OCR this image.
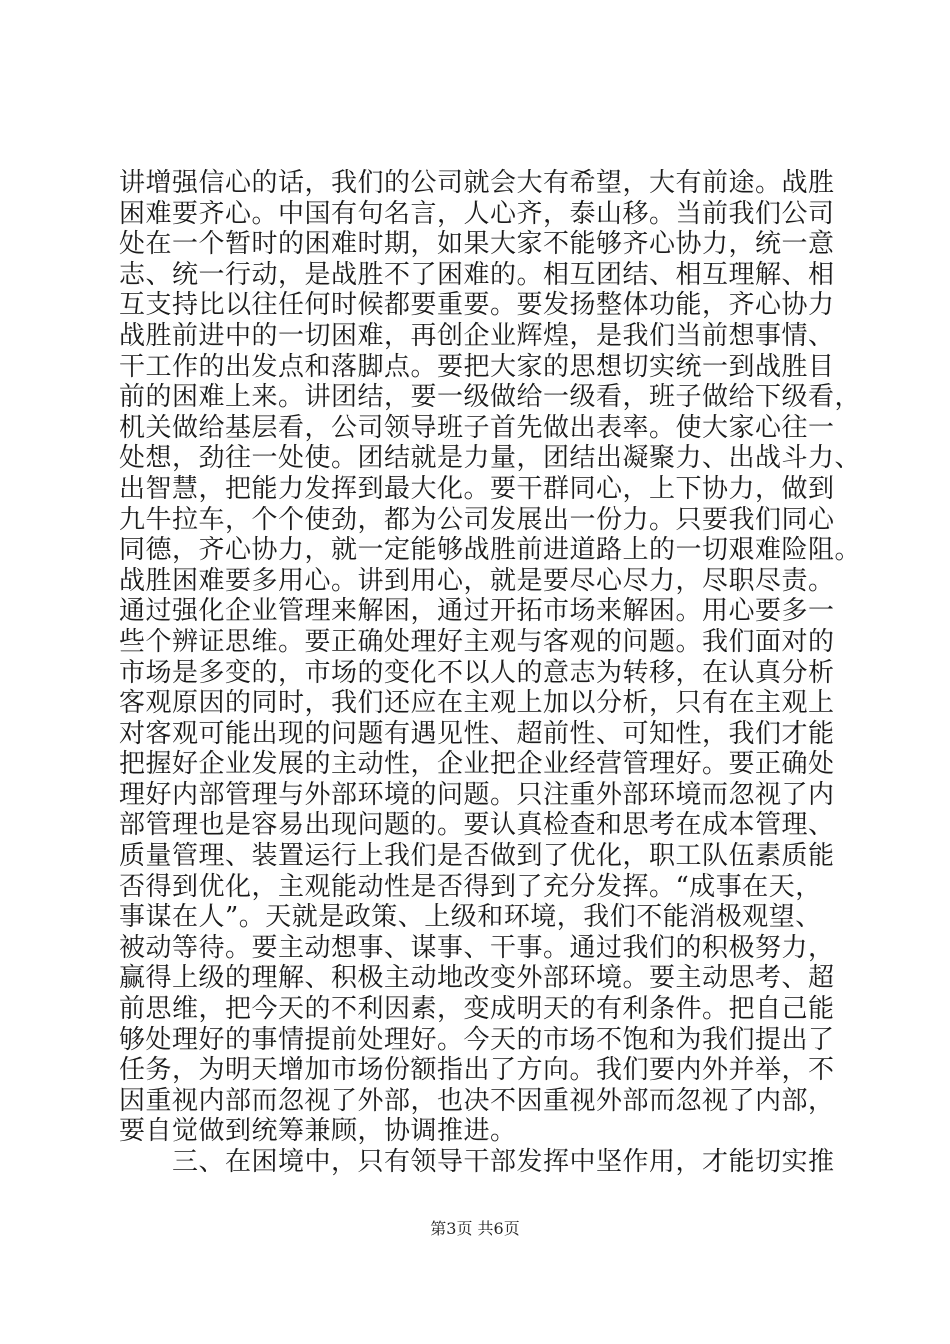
讲增强信心的话，我们的公司就会大有希望，大有前途。战胜
困难要齐心。中国有句名言，人心齐，泰山移。当前我们公司
处在一个暂时的困难时期，如果大家不能够齐心协力，统一意
志、统一行动，是战胜不了困难的。相互团结、相互理解、相
互支持比以往任何时候都要重要。要发扬整体功能，齐心协力
战胜前进中的一切困难，再创企业辉煌，是我们当前想事情、
干工作的出发点和落脚点。要把大家的思想切实统一到战胜目
前的困难上来。讲团结，要一级做给一级看，班子做给下级看，
机关做给基层看，公司领导班子首先做出表率。使大家心往一
处想，劲往一处使。团结就是力量，团结出凝聚力、出战斗力、
出智慧，把能力发挥到最大化。要干群同心，上下协力，做到
九牛拉车，个个使劲，都为公司发展出一份力。只要我们同心
同德，齐心协力，就一定能够战胜前进道路上的一切艰难险阻。
战胜困难要多用心。讲到用心，就是要尽心尽力，尽职尽责。
通过强化企业管理来解困，通过开拓市场来解困。用心要多一
些个辨证思维。要正确处理好主观与客观的问题。我们面对的
市场是多变的，市场的变化不以人的意志为转移，在认真分析
客观原因的同时，我们还应在主观上加以分析，只有在主观上
对客观可能出现的问题有遇见性、超前性、可知性，我们才能
把握好企业发展的主动性，企业把企业经营管理好。要正确处
理好内部管理与外部环境的问题。只注重外部环境而忽视了内
部管理也是容易出现问题的。要认真检查和思考在成本管理、
质量管理、装置运行上我们是否做到了优化，职工队伍素质能
否得到优化，主观能动性是否得到了充分发挥。“成事在天，
事谋在人”。天就是政策、上级和环境，我们不能消极观望、
被动等待。要主动想事、谋事、干事。通过我们的积极努力，
赢得上级的理解、积极主动地改变外部环境。要主动思考、超
前思维，把今天的不利因素，变成明天的有利条件。把自己能
够处理好的事情提前处理好。今天的市场不饱和为我们提出了
任务，为明天增加市场份额指出了方向。我们要内外并举，不
因重视内部而忽视了外部，也决不因重视外部而忽视了内部，
要自觉做到统筹兼顾，协调推进。
　　三、在困境中，只有领导干部发挥中坚作用，才能切实推
第3页 共6页
